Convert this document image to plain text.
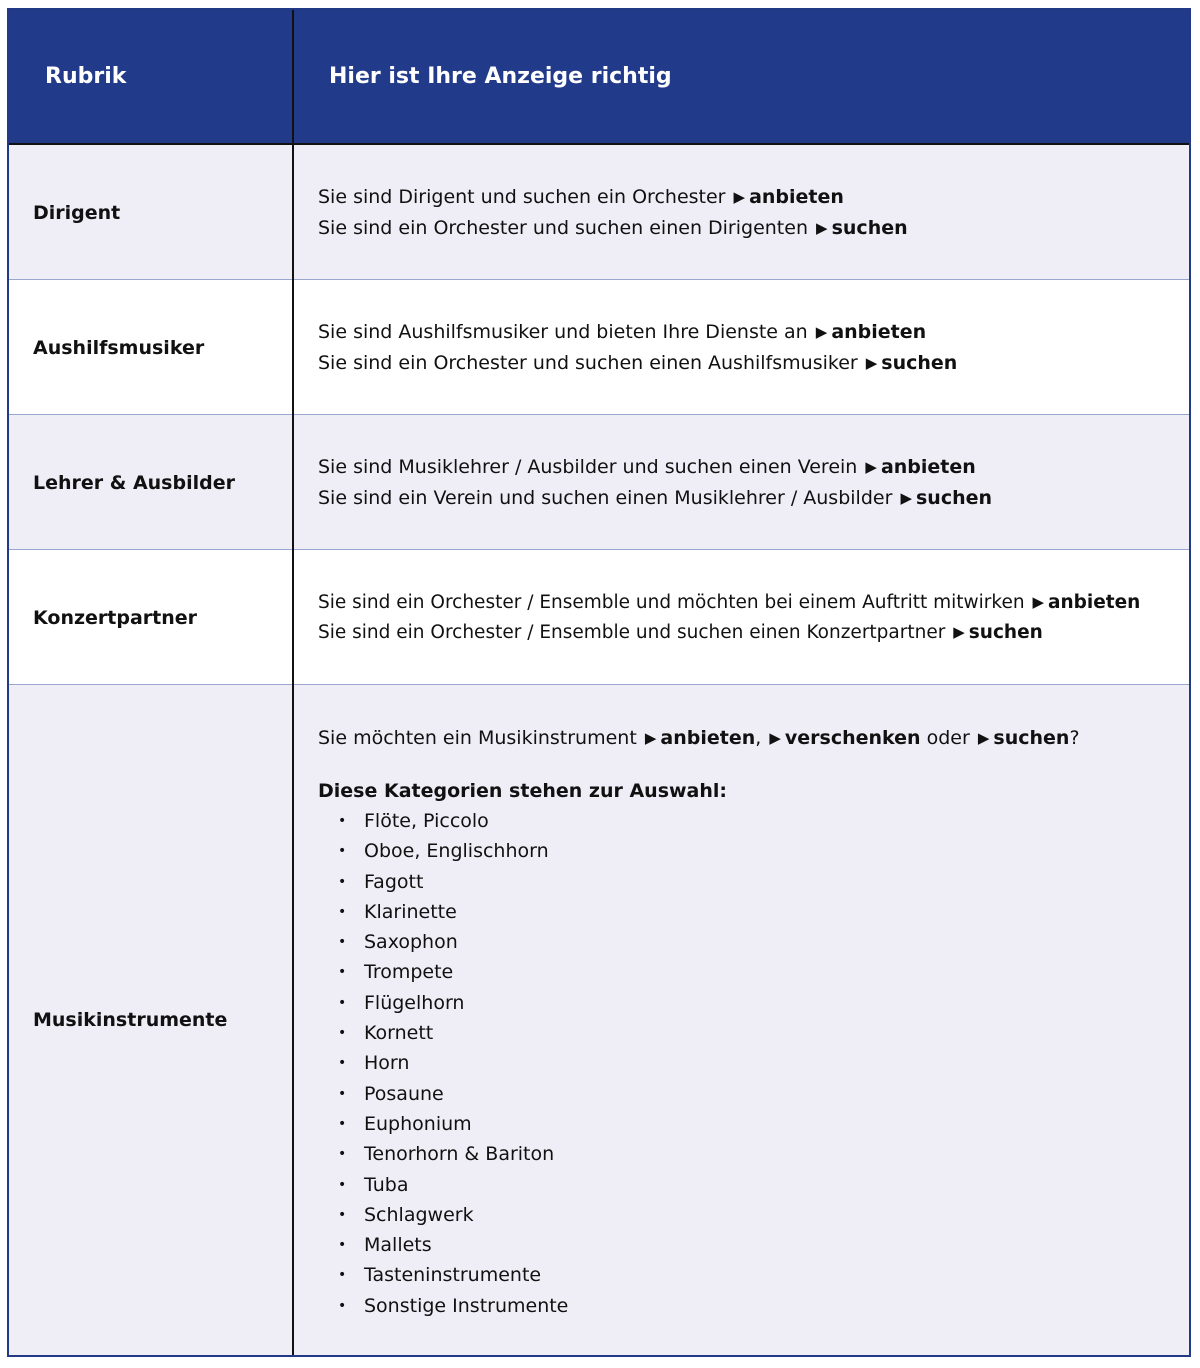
Rubrik	Hier ist Ihre Anzeige richtig
Dirigent
Sie sind Dirigent und suchen ein Orchester ▶ anbieten
Sie sind ein Orchester und suchen einen Dirigenten ▶ suchen
Aushilfsmusiker
Sie sind Aushilfsmusiker und bieten Ihre Dienste an ▶ anbieten
Sie sind ein Orchester und suchen einen Aushilfsmusiker ▶ suchen
Lehrer & Ausbilder
Sie sind Musiklehrer / Ausbilder und suchen einen Verein ▶ anbieten
Sie sind ein Verein und suchen einen Musiklehrer / Ausbilder ▶ suchen
Konzertpartner
Sie sind ein Orchester / Ensemble und möchten bei einem Auftritt mitwirken ▶ anbieten
Sie sind ein Orchester / Ensemble und suchen einen Konzertpartner ▶ suchen
Musikinstrumente
Sie möchten ein Musikinstrument ▶ anbieten, ▶ verschenken oder ▶ suchen?
Diese Kategorien stehen zur Auswahl:
• Flöte, Piccolo
• Oboe, Englischhorn
• Fagott
• Klarinette
• Saxophon
• Trompete
• Flügelhorn
• Kornett
• Horn
• Posaune
• Euphonium
• Tenorhorn & Bariton
• Tuba
• Schlagwerk
• Mallets
• Tasteninstrumente
• Sonstige Instrumente
